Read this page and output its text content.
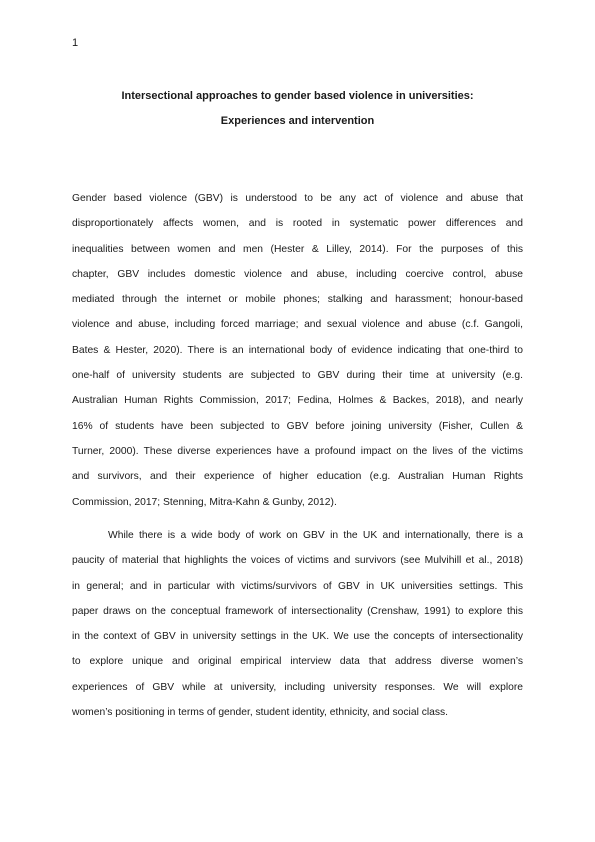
1
Intersectional approaches to gender based violence in universities:
Experiences and intervention
Gender based violence (GBV) is understood to be any act of violence and abuse that
disproportionately affects women, and is rooted in systematic power differences and
inequalities between women and men (Hester & Lilley, 2014). For the purposes of this
chapter, GBV includes domestic violence and abuse, including coercive control, abuse
mediated through the internet or mobile phones; stalking and harassment; honour-based
violence and abuse, including forced marriage; and sexual violence and abuse (c.f. Gangoli,
Bates & Hester, 2020). There is an international body of evidence indicating that one-third to
one-half of university students are subjected to GBV during their time at university (e.g.
Australian Human Rights Commission, 2017; Fedina, Holmes & Backes, 2018), and nearly
16% of students have been subjected to GBV before joining university (Fisher, Cullen &
Turner, 2000). These diverse experiences have a profound impact on the lives of the victims
and survivors, and their experience of higher education (e.g. Australian Human Rights
Commission, 2017; Stenning, Mitra-Kahn & Gunby, 2012).
While there is a wide body of work on GBV in the UK and internationally, there is a
paucity of material that highlights the voices of victims and survivors (see Mulvihill et al., 2018)
in general; and in particular with victims/survivors of GBV in UK universities settings. This
paper draws on the conceptual framework of intersectionality (Crenshaw, 1991) to explore this
in the context of GBV in university settings in the UK. We use the concepts of intersectionality
to explore unique and original empirical interview data that address diverse women’s
experiences of GBV while at university, including university responses. We will explore
women’s positioning in terms of gender, student identity, ethnicity, and social class.
